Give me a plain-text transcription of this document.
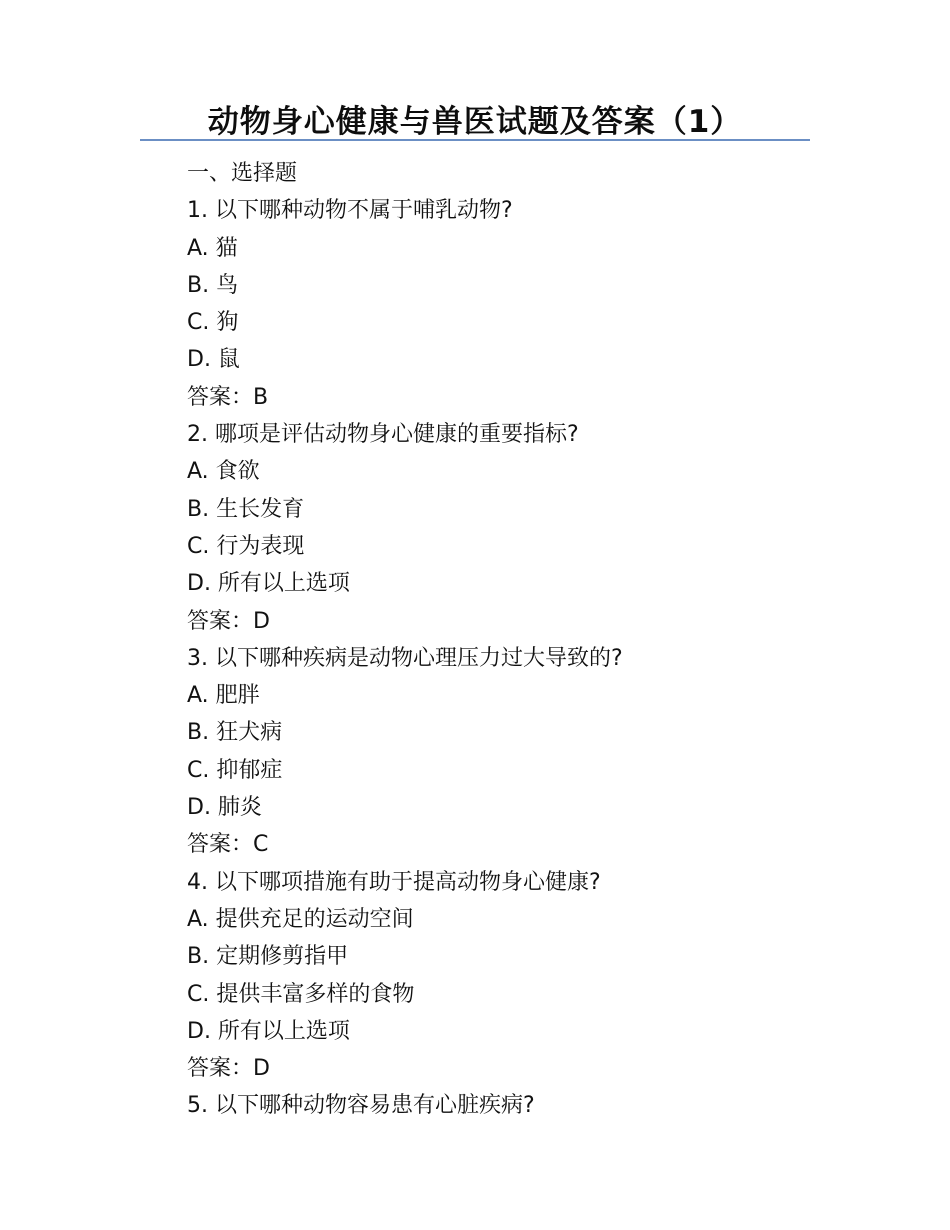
动物身心健康与兽医试题及答案（1）
一、选择题
1. 以下哪种动物不属于哺乳动物?
A. 猫
B. 鸟
C. 狗
D. 鼠
答案：B
2. 哪项是评估动物身心健康的重要指标?
A. 食欲
B. 生长发育
C. 行为表现
D. 所有以上选项
答案：D
3. 以下哪种疾病是动物心理压力过大导致的?
A. 肥胖
B. 狂犬病
C. 抑郁症
D. 肺炎
答案：C
4. 以下哪项措施有助于提高动物身心健康?
A. 提供充足的运动空间
B. 定期修剪指甲
C. 提供丰富多样的食物
D. 所有以上选项
答案：D
5. 以下哪种动物容易患有心脏疾病?
